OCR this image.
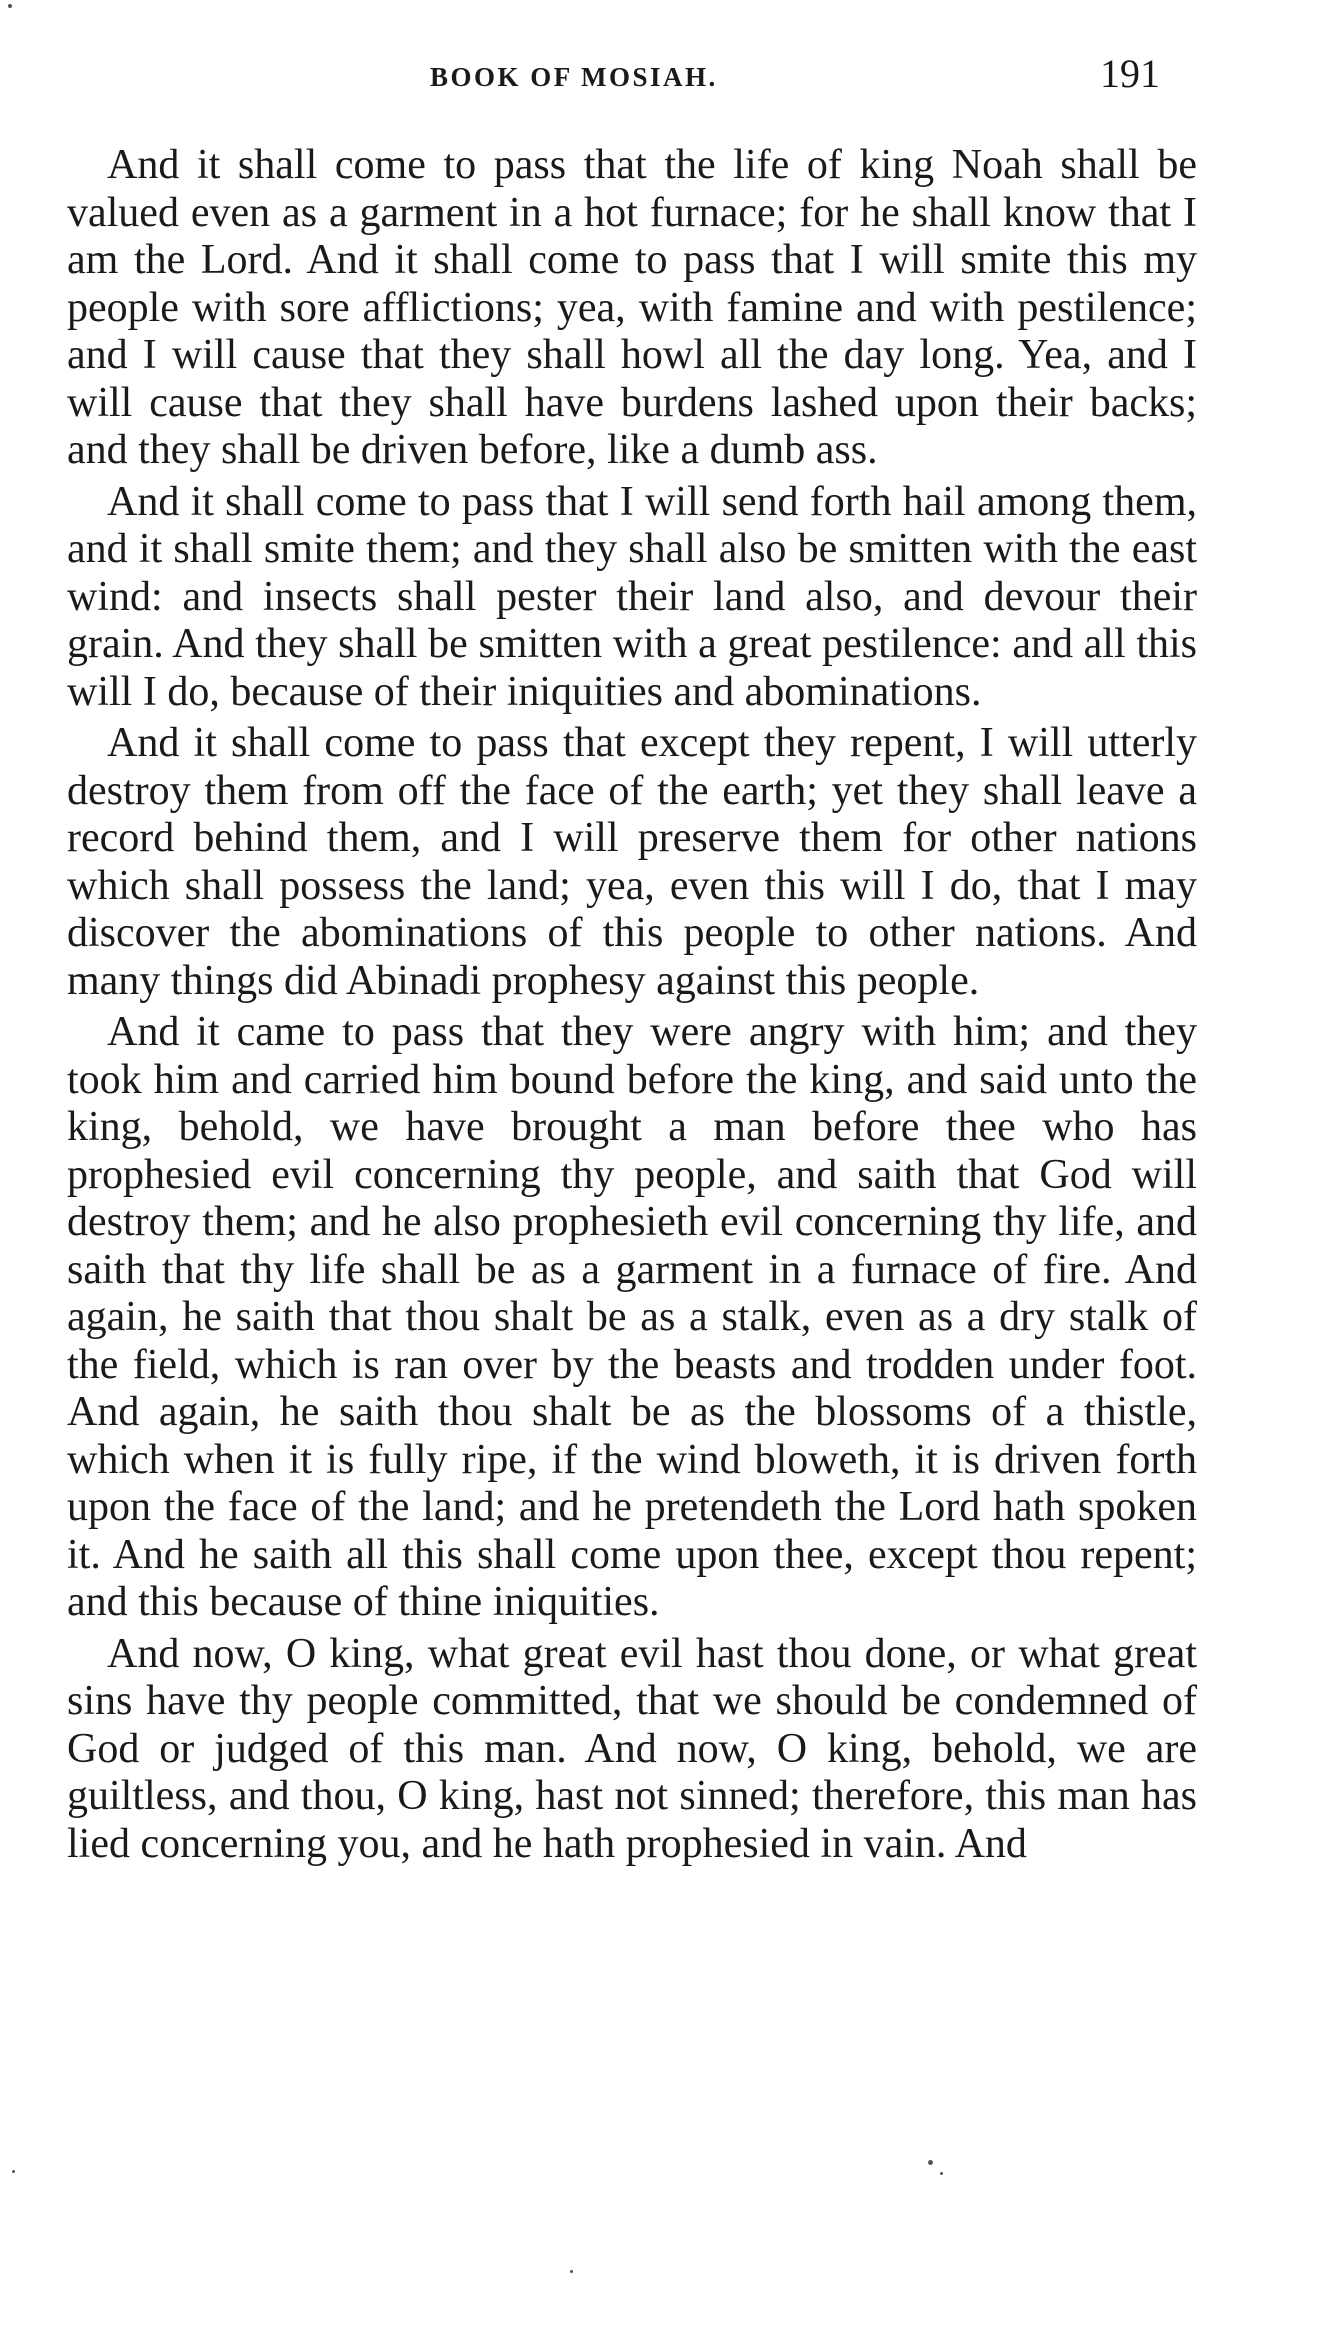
BOOK OF MOSIAH.	191

And it shall come to pass that the life of king Noah shall be valued even as a garment in a hot furnace; for he shall know that I am the Lord. And it shall come to pass that I will smite this my people with sore afflictions; yea, with famine and with pestilence; and I will cause that they shall howl all the day long. Yea, and I will cause that they shall have burdens lashed upon their backs; and they shall be driven before, like a dumb ass.

And it shall come to pass that I will send forth hail among them, and it shall smite them; and they shall also be smitten with the east wind: and insects shall pester their land also, and devour their grain. And they shall be smitten with a great pestilence: and all this will I do, because of their iniquities and abominations.

And it shall come to pass that except they repent, I will utterly destroy them from off the face of the earth; yet they shall leave a record behind them, and I will preserve them for other nations which shall possess the land; yea, even this will I do, that I may discover the abominations of this people to other nations. And many things did Abinadi prophesy against this people.

And it came to pass that they were angry with him; and they took him and carried him bound before the king, and said unto the king, behold, we have brought a man before thee who has prophesied evil concerning thy people, and saith that God will destroy them; and he also prophesieth evil concerning thy life, and saith that thy life shall be as a garment in a furnace of fire. And again, he saith that thou shalt be as a stalk, even as a dry stalk of the field, which is ran over by the beasts and trodden under foot. And again, he saith thou shalt be as the blossoms of a thistle, which when it is fully ripe, if the wind bloweth, it is driven forth upon the face of the land; and he pretendeth the Lord hath spoken it. And he saith all this shall come upon thee, except thou repent; and this because of thine iniquities.

And now, O king, what great evil hast thou done, or what great sins have thy people committed, that we should be condemned of God or judged of this man. And now, O king, behold, we are guiltless, and thou, O king, hast not sinned; therefore, this man has lied concerning you, and he hath prophesied in vain. And
